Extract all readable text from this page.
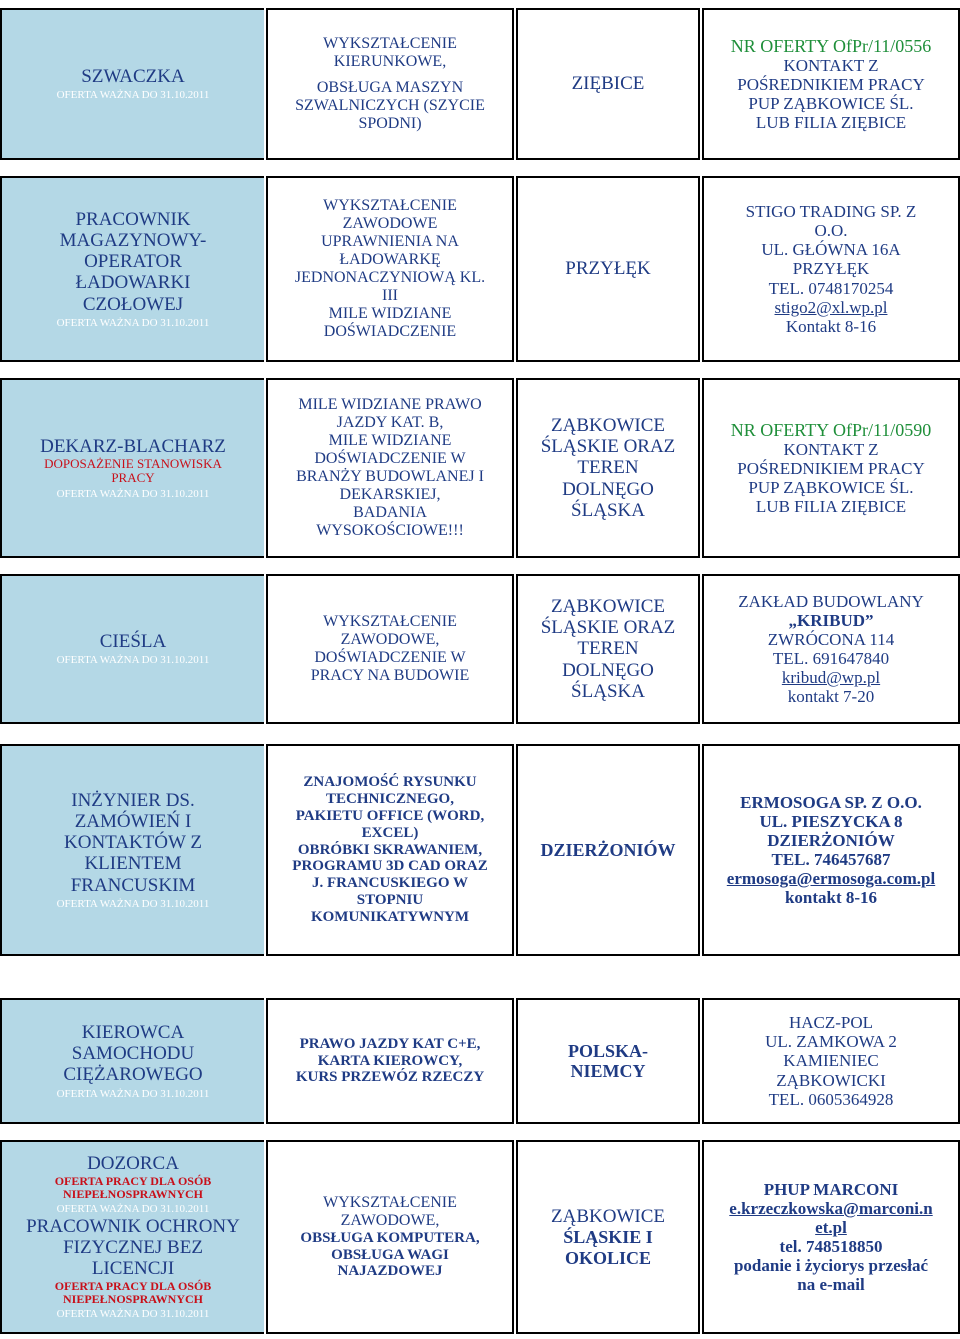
SZWACZKA
OFERTA WAŻNA DO 31.10.2011
WYKSZTAŁCENIE
KIERUNKOWE,
OBSŁUGA MASZYN
SZWALNICZYCH (SZYCIE
SPODNI)
ZIĘBICE
NR OFERTY OfPr/11/0556
KONTAKT Z
POŚREDNIKIEM PRACY
PUP ZĄBKOWICE ŚL.
LUB FILIA ZIĘBICE
PRACOWNIK
MAGAZYNOWY-
OPERATOR
ŁADOWARKI
CZOŁOWEJ
OFERTA WAŻNA DO 31.10.2011
WYKSZTAŁCENIE
ZAWODOWE
UPRAWNIENIA NA
ŁADOWARKĘ
JEDNONACZYNIOWĄ KL.
III
MILE WIDZIANE
DOŚWIADCZENIE
PRZYŁĘK
STIGO TRADING SP. Z
O.O.
UL. GŁÓWNA 16A
PRZYŁĘK
TEL. 0748170254
stigo2@xl.wp.pl
Kontakt 8-16
DEKARZ-BLACHARZ
DOPOSAŻENIE STANOWISKA
PRACY
OFERTA WAŻNA DO 31.10.2011
MILE WIDZIANE PRAWO
JAZDY KAT. B,
MILE WIDZIANE
DOŚWIADCZENIE W
BRANŻY BUDOWLANEJ I
DEKARSKIEJ,
BADANIA
WYSOKOŚCIOWE!!!
ZĄBKOWICE
ŚLĄSKIE ORAZ
TEREN
DOLNĘGO
ŚLĄSKA
NR OFERTY OfPr/11/0590
KONTAKT Z
POŚREDNIKIEM PRACY
PUP ZĄBKOWICE ŚL.
LUB FILIA ZIĘBICE
CIEŚLA
OFERTA WAŻNA DO 31.10.2011
WYKSZTAŁCENIE
ZAWODOWE,
DOŚWIADCZENIE W
PRACY NA BUDOWIE
ZĄBKOWICE
ŚLĄSKIE ORAZ
TEREN
DOLNĘGO
ŚLĄSKA
ZAKŁAD BUDOWLANY
„KRIBUD”
ZWRÓCONA 114
TEL. 691647840
kribud@wp.pl
kontakt 7-20
INŻYNIER DS.
ZAMÓWIEŃ I
KONTAKTÓW Z
KLIENTEM
FRANCUSKIM
OFERTA WAŻNA DO 31.10.2011
ZNAJOMOŚĆ RYSUNKU
TECHNICZNEGO,
PAKIETU OFFICE (WORD,
EXCEL)
OBRÓBKI SKRAWANIEM,
PROGRAMU 3D CAD ORAZ
J. FRANCUSKIEGO W
STOPNIU
KOMUNIKATYWNYM
DZIERŻONIÓW
ERMOSOGA SP. Z O.O.
UL. PIESZYCKA 8
DZIERŻONIÓW
TEL. 746457687
ermosoga@ermosoga.com.pl
kontakt 8-16
KIEROWCA
SAMOCHODU
CIĘŻAROWEGO
OFERTA WAŻNA DO 31.10.2011
PRAWO JAZDY KAT C+E,
KARTA KIEROWCY,
KURS PRZEWÓZ RZECZY
POLSKA-
NIEMCY
HACZ-POL
UL. ZAMKOWA 2
KAMIENIEC
ZĄBKOWICKI
TEL. 0605364928
DOZORCA
OFERTA PRACY DLA OSÓB
NIEPEŁNOSPRAWNYCH
OFERTA WAŻNA DO 31.10.2011
PRACOWNIK OCHRONY
FIZYCZNEJ BEZ
LICENCJI
OFERTA PRACY DLA OSÓB
NIEPEŁNOSPRAWNYCH
OFERTA WAŻNA DO 31.10.2011
WYKSZTAŁCENIE
ZAWODOWE,
OBSŁUGA KOMPUTERA,
OBSŁUGA WAGI
NAJAZDOWEJ
ZĄBKOWICE
ŚLĄSKIE I
OKOLICE
PHUP MARCONI
e.krzeczkowska@marconi.n
et.pl
tel. 748518850
podanie i życiorys przesłać
na e-mail
